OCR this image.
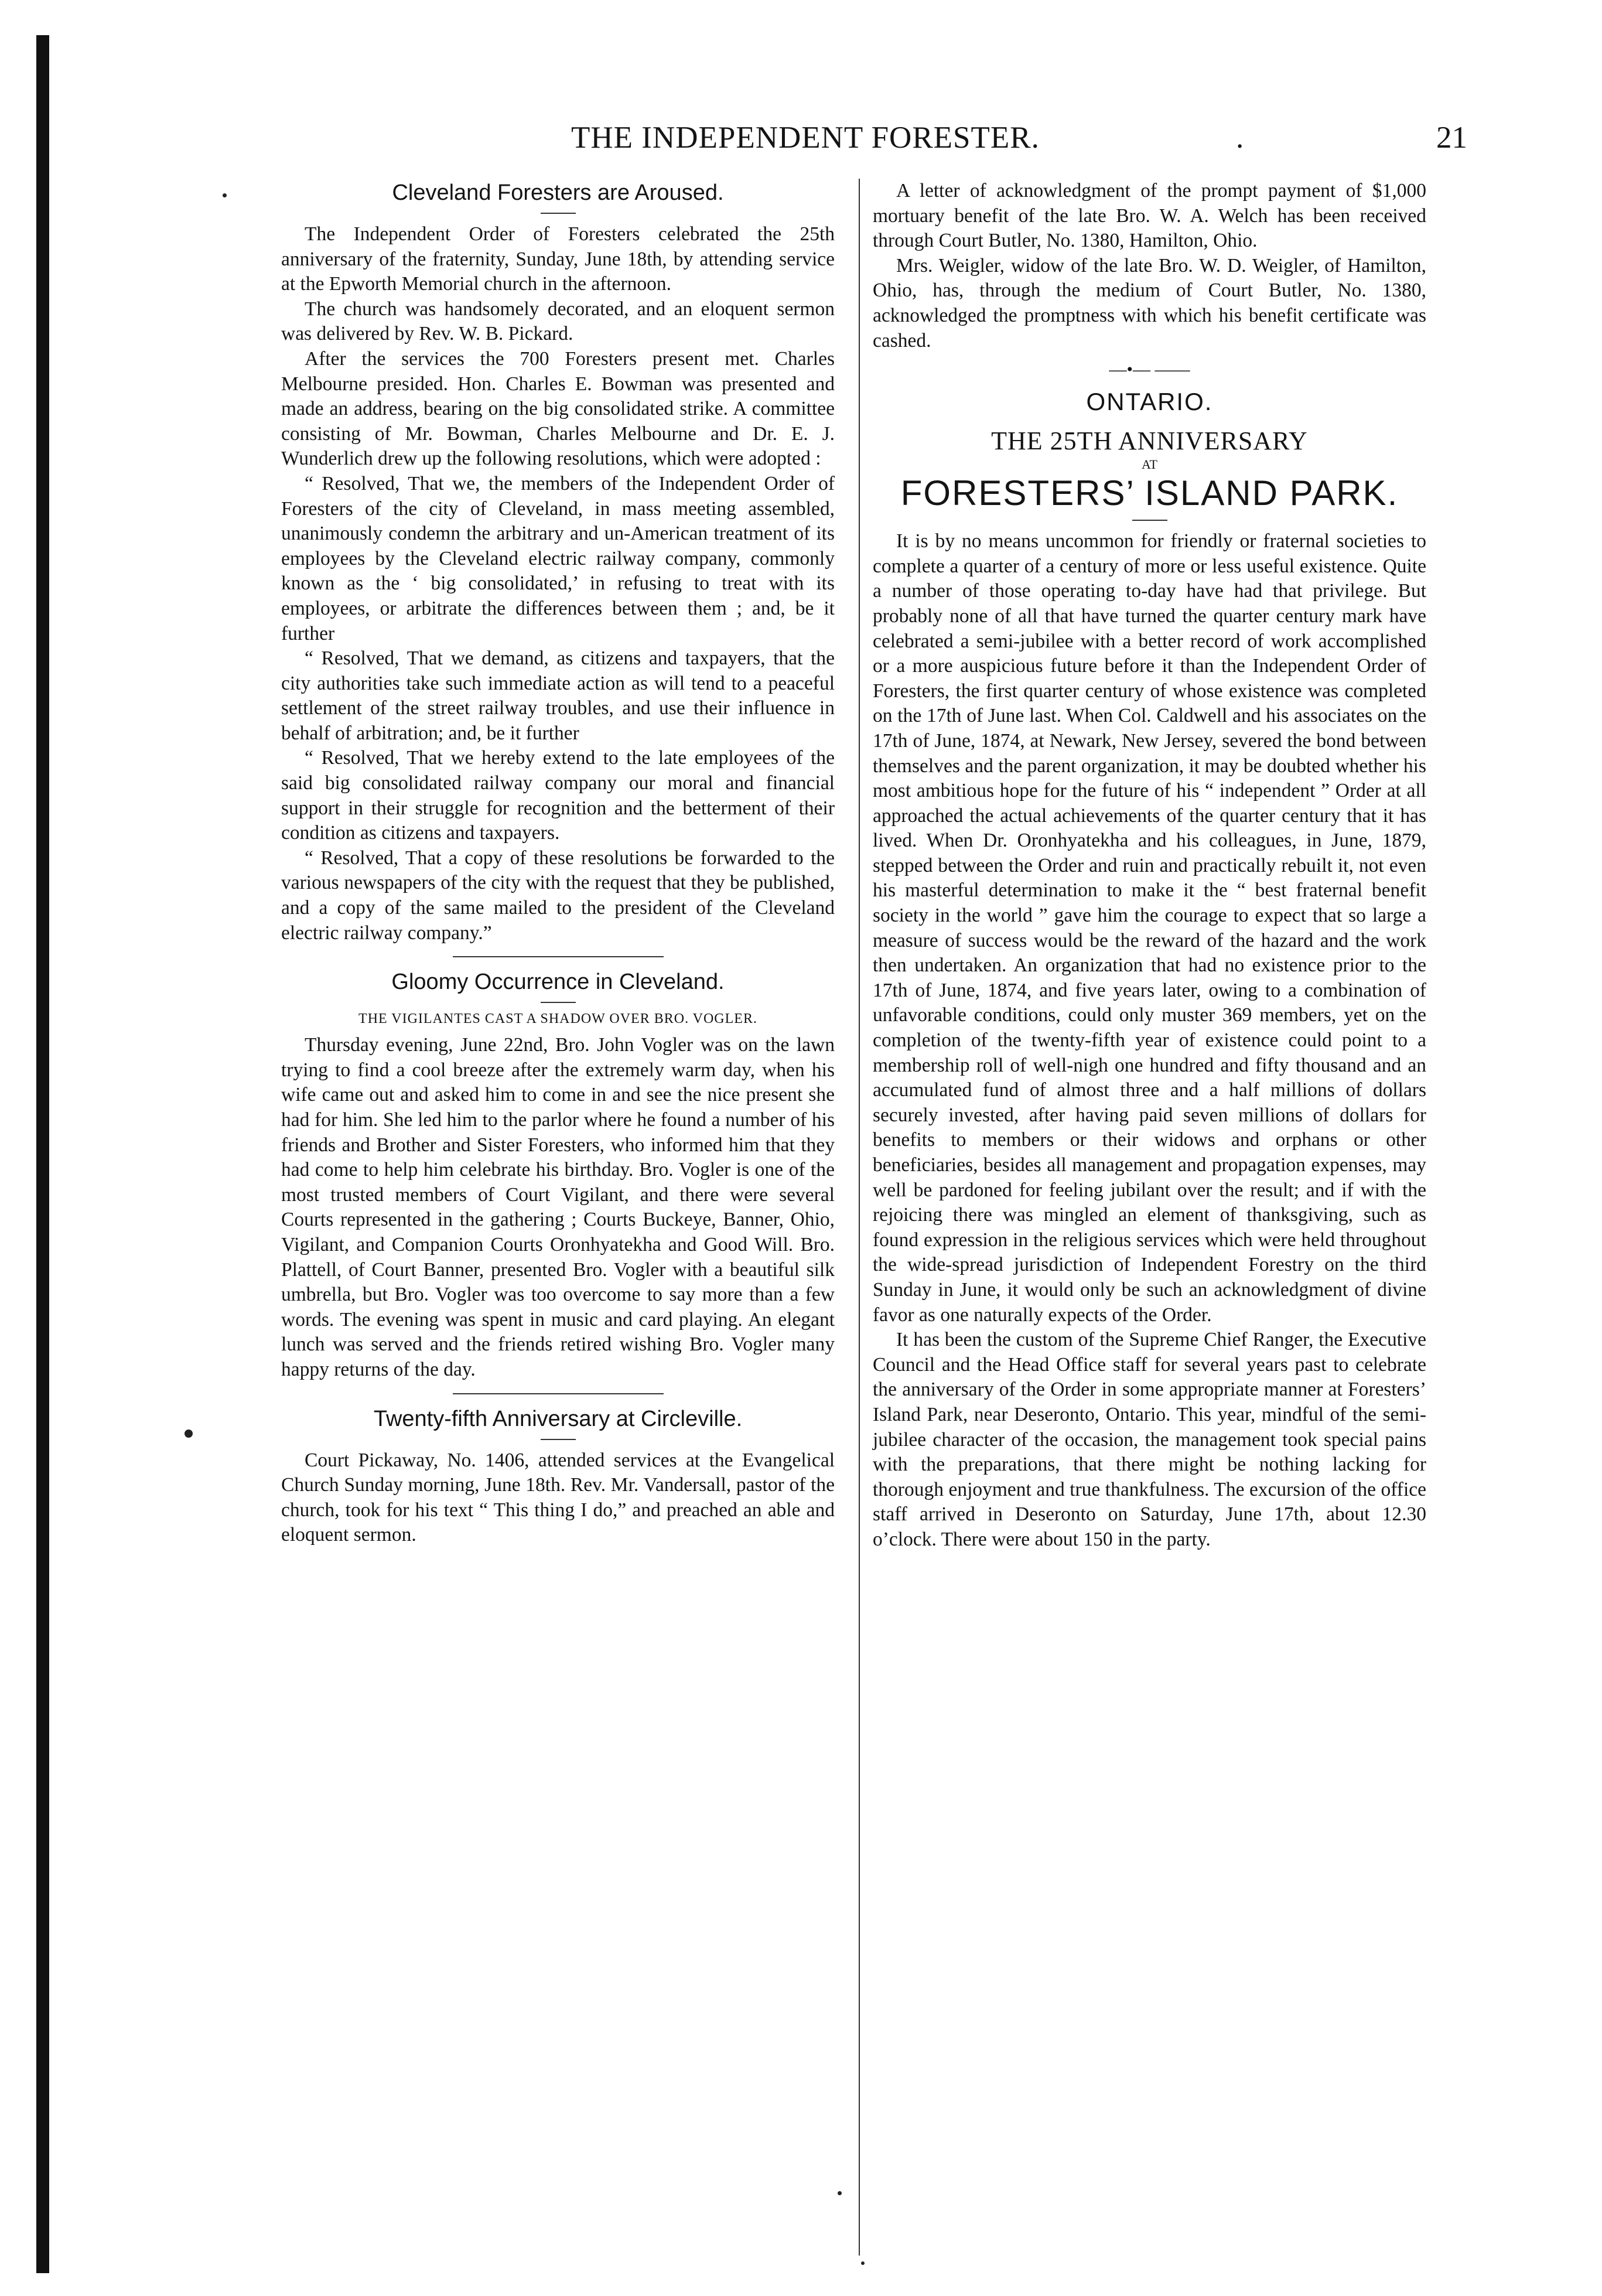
THE INDEPENDENT FORESTER.	.	21
Cleveland Foresters are Aroused.

The Independent Order of Foresters celebrated the 25th anniversary of the fraternity, Sunday, June 18th, by attending service at the Epworth Memorial church in the afternoon.

The church was handsomely decorated, and an eloquent sermon was delivered by Rev. W. B. Pickard.

After the services the 700 Foresters present met. Charles Melbourne presided. Hon. Charles E. Bowman was presented and made an address, bearing on the big consolidated strike. A committee consisting of Mr. Bowman, Charles Melbourne and Dr. E. J. Wunderlich drew up the following resolutions, which were adopted :

“ Resolved, That we, the members of the Independent Order of Foresters of the city of Cleveland, in mass meeting assembled, unanimously condemn the arbitrary and un-American treatment of its employees by the Cleveland electric railway company, commonly known as the ‘ big consolidated,’ in refusing to treat with its employees, or arbitrate the differences between them ; and, be it further

“ Resolved, That we demand, as citizens and taxpayers, that the city authorities take such immediate action as will tend to a peaceful settlement of the street railway troubles, and use their influence in behalf of arbitration; and, be it further

“ Resolved, That we hereby extend to the late employees of the said big consolidated railway company our moral and financial support in their struggle for recognition and the betterment of their condition as citizens and taxpayers.

“ Resolved, That a copy of these resolutions be forwarded to the various newspapers of the city with the request that they be published, and a copy of the same mailed to the president of the Cleveland electric railway company.”

Gloomy Occurrence in Cleveland.
THE VIGILANTES CAST A SHADOW OVER BRO. VOGLER.

Thursday evening, June 22nd, Bro. John Vogler was on the lawn trying to find a cool breeze after the extremely warm day, when his wife came out and asked him to come in and see the nice present she had for him. She led him to the parlor where he found a number of his friends and Brother and Sister Foresters, who informed him that they had come to help him celebrate his birthday. Bro. Vogler is one of the most trusted members of Court Vigilant, and there were several Courts represented in the gathering ; Courts Buckeye, Banner, Ohio, Vigilant, and Companion Courts Oronhyatekha and Good Will. Bro. Plattell, of Court Banner, presented Bro. Vogler with a beautiful silk umbrella, but Bro. Vogler was too overcome to say more than a few words. The evening was spent in music and card playing. An elegant lunch was served and the friends retired wishing Bro. Vogler many happy returns of the day.

Twenty-fifth Anniversary at Circleville.

Court Pickaway, No. 1406, attended services at the Evangelical Church Sunday morning, June 18th. Rev. Mr. Vandersall, pastor of the church, took for his text “ This thing I do,” and preached an able and eloquent sermon.

A letter of acknowledgment of the prompt payment of $1,000 mortuary benefit of the late Bro. W. A. Welch has been received through Court Butler, No. 1380, Hamilton, Ohio.

Mrs. Weigler, widow of the late Bro. W. D. Weigler, of Hamilton, Ohio, has, through the medium of Court Butler, No. 1380, acknowledged the promptness with which his benefit certificate was cashed.

—•— ——
ONTARIO.
THE 25TH ANNIVERSARY
AT
FORESTERS’ ISLAND PARK.

It is by no means uncommon for friendly or fraternal societies to complete a quarter of a century of more or less useful existence. Quite a number of those operating to-day have had that privilege. But probably none of all that have turned the quarter century mark have celebrated a semi-jubilee with a better record of work accomplished or a more auspicious future before it than the Independent Order of Foresters, the first quarter century of whose existence was completed on the 17th of June last. When Col. Caldwell and his associates on the 17th of June, 1874, at Newark, New Jersey, severed the bond between themselves and the parent organization, it may be doubted whether his most ambitious hope for the future of his “ independent ” Order at all approached the actual achievements of the quarter century that it has lived. When Dr. Oronhyatekha and his colleagues, in June, 1879, stepped between the Order and ruin and practically rebuilt it, not even his masterful determination to make it the “ best fraternal benefit society in the world ” gave him the courage to expect that so large a measure of success would be the reward of the hazard and the work then undertaken. An organization that had no existence prior to the 17th of June, 1874, and five years later, owing to a combination of unfavorable conditions, could only muster 369 members, yet on the completion of the twenty-fifth year of existence could point to a membership roll of well-nigh one hundred and fifty thousand and an accumulated fund of almost three and a half millions of dollars securely invested, after having paid seven millions of dollars for benefits to members or their widows and orphans or other beneficiaries, besides all management and propagation expenses, may well be pardoned for feeling jubilant over the result; and if with the rejoicing there was mingled an element of thanksgiving, such as found expression in the religious services which were held throughout the wide-spread jurisdiction of Independent Forestry on the third Sunday in June, it would only be such an acknowledgment of divine favor as one naturally expects of the Order.

It has been the custom of the Supreme Chief Ranger, the Executive Council and the Head Office staff for several years past to celebrate the anniversary of the Order in some appropriate manner at Foresters’ Island Park, near Deseronto, Ontario. This year, mindful of the semi-jubilee character of the occasion, the management took special pains with the preparations, that there might be nothing lacking for thorough enjoyment and true thankfulness. The excursion of the office staff arrived in Deseronto on Saturday, June 17th, about 12.30 o’clock. There were about 150 in the party.
